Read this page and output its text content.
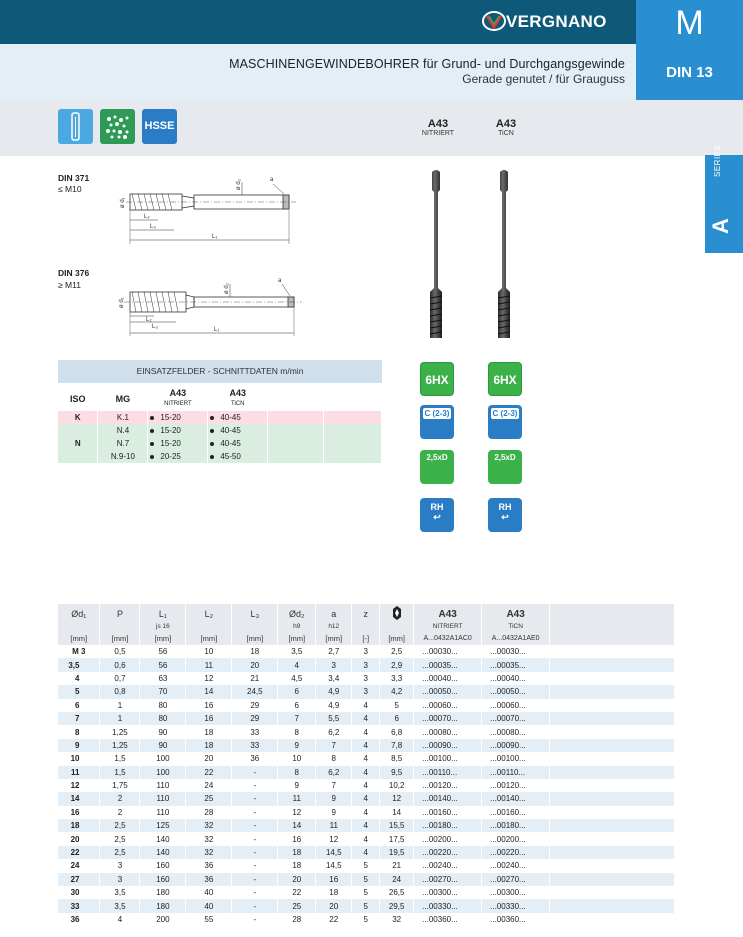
VERGNANO	M
DIN 13
MASCHINENGEWINDEBOHRER für Grund- und Durchgangsgewinde
Gerade genutet / für Grauguss
HSSE	A43
NITRIERT
A43
TiCN
SERIES
A
DIN 371
≤ M10
ø d₁
ø d₂	a
L₂
L₃
L₁
DIN 376
≥ M11
ø d₁
ø d₂
a
L₂
L₃	L₁
6HX
C (2-3)
2,5xD
RH
↩
6HX
C (2-3)
2,5xD
RH
↩
EINSATZFELDER - SCHNITTDATEN m/min
ISO	MG	A43
NITRIERT	A43
TiCN		
K	K.1	15-20	40-45		
	N.4	15-20	40-45		
N	N.7	15-20	40-45		
	N.9-10	20-25	45-50		
Ød₁	P	L₁	L₂	L₃	Ød₂	a	z		A43	A43	
		js 16			h9	h12			NITRIERT	TiCN	
[mm]	[mm]	[mm]	[mm]	[mm]	[mm]	[mm]	[-]	[mm]	A...0432A1AC0	A...0432A1AE0	
M 3	0,5	56	10	18	3,5	2,7	3	2,5	...00030...	...00030...	
3,5	0,6	56	11	20	4	3	3	2,9	...00035...	...00035...	
4	0,7	63	12	21	4,5	3,4	3	3,3	...00040...	...00040...	
5	0,8	70	14	24,5	6	4,9	3	4,2	...00050...	...00050...	
6	1	80	16	29	6	4,9	4	5	...00060...	...00060...	
7	1	80	16	29	7	5,5	4	6	...00070...	...00070...	
8	1,25	90	18	33	8	6,2	4	6,8	...00080...	...00080...	
9	1,25	90	18	33	9	7	4	7,8	...00090...	...00090...	
10	1,5	100	20	36	10	8	4	8,5	...00100...	...00100...	
11	1,5	100	22	-	8	6,2	4	9,5	...00110...	...00110...	
12	1,75	110	24	-	9	7	4	10,2	...00120...	...00120...	
14	2	110	25	-	11	9	4	12	...00140...	...00140...	
16	2	110	28	-	12	9	4	14	...00160...	...00160...	
18	2,5	125	32	-	14	11	4	15,5	...00180...	...00180...	
20	2,5	140	32	-	16	12	4	17,5	...00200...	...00200...	
22	2,5	140	32	-	18	14,5	4	19,5	...00220...	...00220...	
24	3	160	36	-	18	14,5	5	21	...00240...	...00240...	
27	3	160	36	-	20	16	5	24	...00270...	...00270...	
30	3,5	180	40	-	22	18	5	26,5	...00300...	...00300...	
33	3,5	180	40	-	25	20	5	29,5	...00330...	...00330...	
36	4	200	55	-	28	22	5	32	...00360...	...00360...	
